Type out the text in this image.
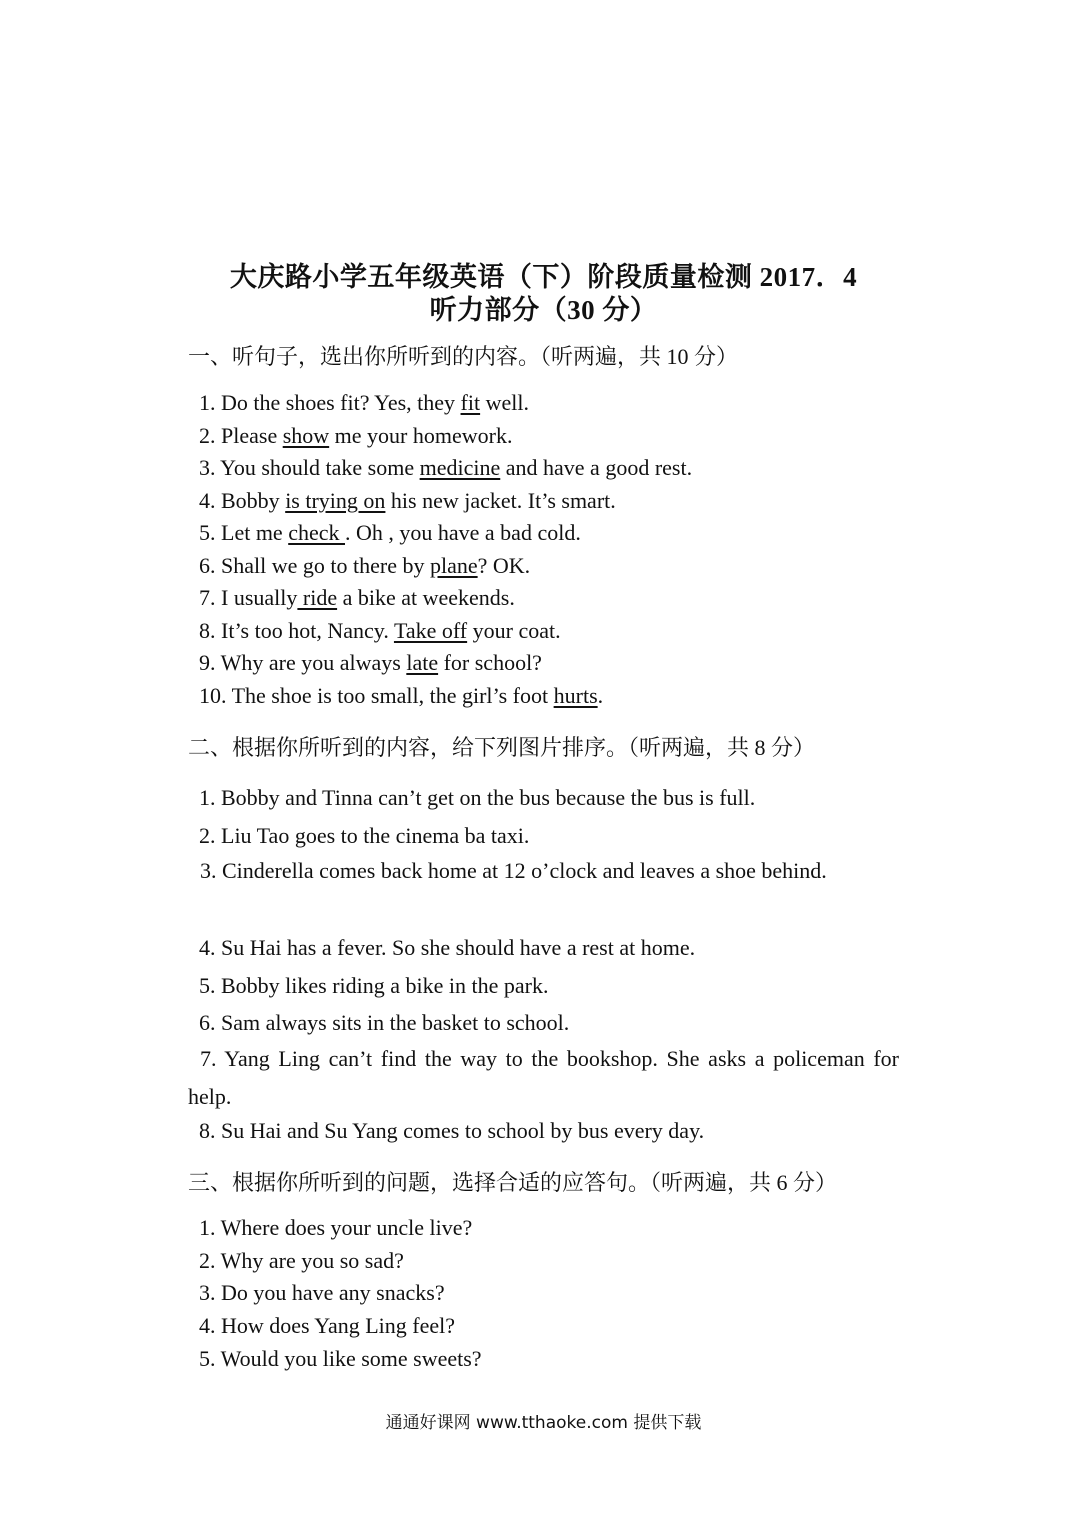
大庆路小学五年级英语（下）阶段质量检测 2017．4
听力部分（30 分）
一、听句子，选出你所听到的内容。（听两遍，共 10 分）
1. Do the shoes fit? Yes, they fit well.
2. Please show me your homework.
3. You should take some medicine and have a good rest.
4. Bobby is trying on his new jacket. It’s smart.
5. Let me check . Oh , you have a bad cold.
6. Shall we go to there by plane? OK.
7. I usually ride a bike at weekends.
8. It’s too hot, Nancy. Take off your coat.
9. Why are you always late for school?
10. The shoe is too small, the girl’s foot hurts.
二、根据你所听到的内容，给下列图片排序。（听两遍，共 8 分）
1. Bobby and Tinna can’t get on the bus because the bus is full.
2. Liu Tao goes to the cinema ba taxi.
3. Cinderella comes back home at 12 o’clock and leaves a shoe behind.
4. Su Hai has a fever. So she should have a rest at home.
5. Bobby likes riding a bike in the park.
6. Sam always sits in the basket to school.
7. Yang Ling can’t find the way to the bookshop. She asks a policeman for help.
8. Su Hai and Su Yang comes to school by bus every day.
三、根据你所听到的问题，选择合适的应答句。（听两遍，共 6 分）
1. Where does your uncle live?
2. Why are you so sad?
3. Do you have any snacks?
4. How does Yang Ling feel?
5. Would you like some sweets?
通通好课网 www.tthaoke.com 提供下载
